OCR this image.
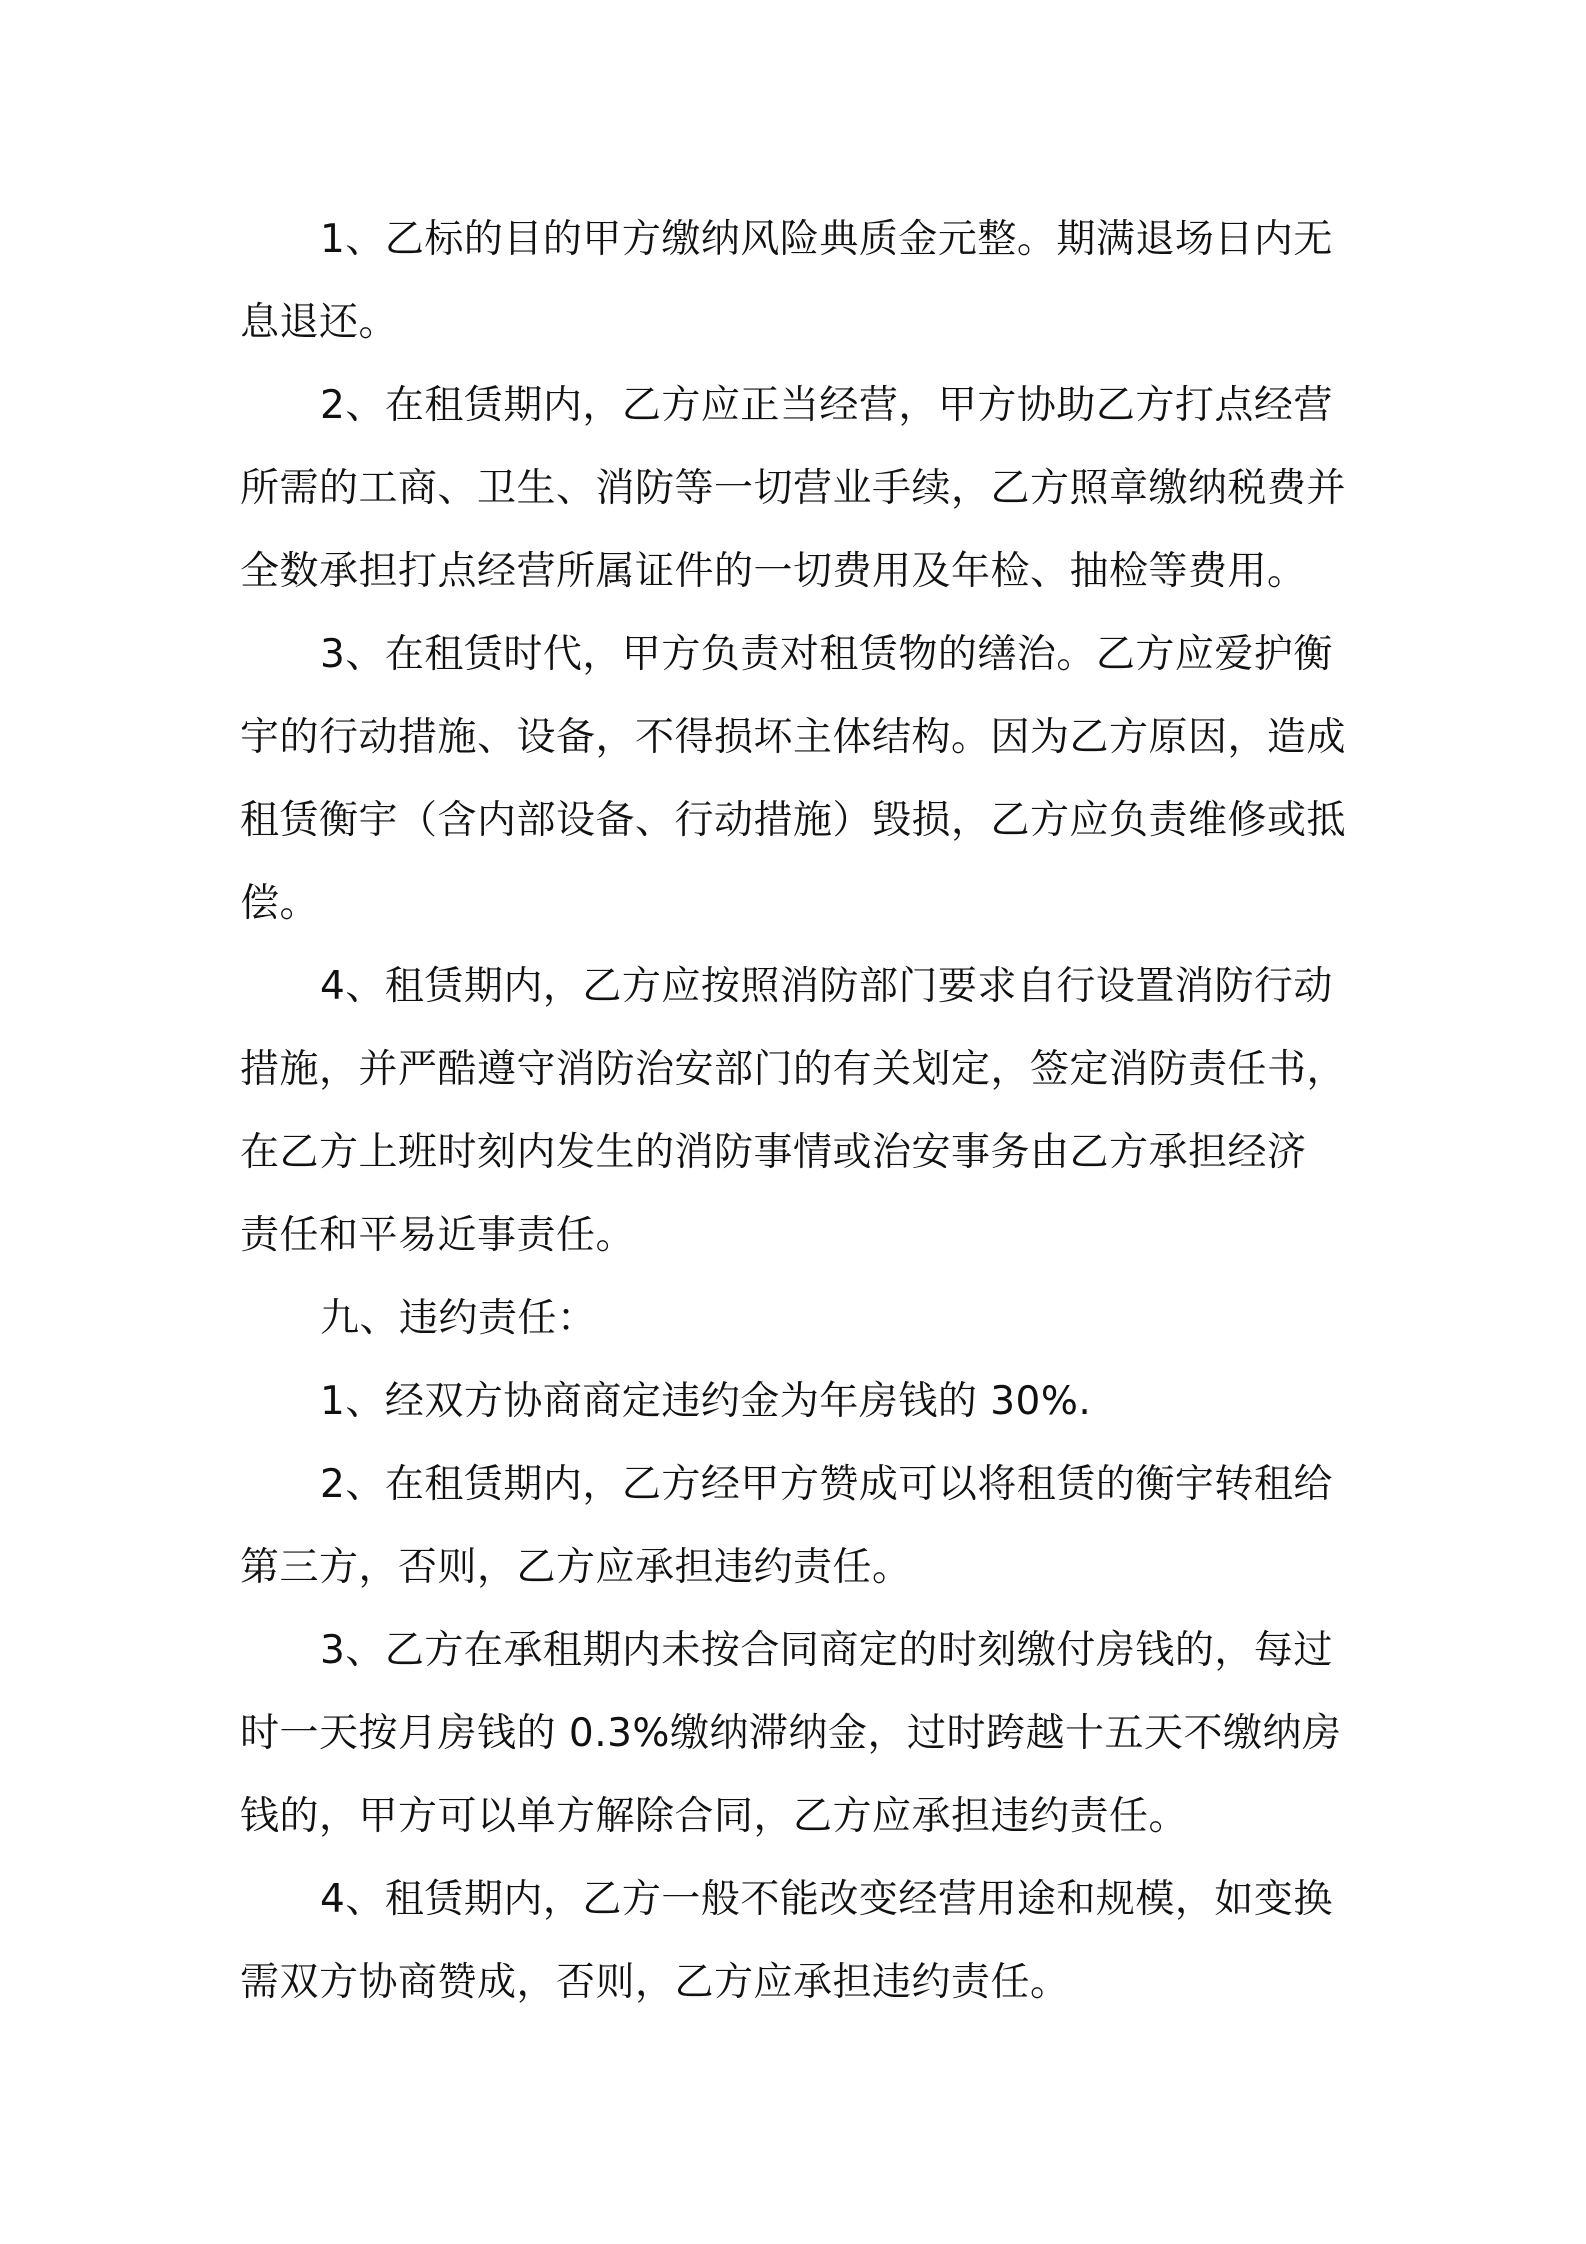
1、乙标的目的甲方缴纳风险典质金元整。期满退场日内无
息退还。
2、在租赁期内，乙方应正当经营，甲方协助乙方打点经营
所需的工商、卫生、消防等一切营业手续，乙方照章缴纳税费并
全数承担打点经营所属证件的一切费用及年检、抽检等费用。
3、在租赁时代，甲方负责对租赁物的缮治。乙方应爱护衡
宇的行动措施、设备，不得损坏主体结构。因为乙方原因，造成
租赁衡宇（含内部设备、行动措施）毁损，乙方应负责维修或抵
偿。
4、租赁期内，乙方应按照消防部门要求自行设置消防行动
措施，并严酷遵守消防治安部门的有关划定，签定消防责任书，
在乙方上班时刻内发生的消防事情或治安事务由乙方承担经济
责任和平易近事责任。
九、违约责任：
1、经双方协商商定违约金为年房钱的 30%.
2、在租赁期内，乙方经甲方赞成可以将租赁的衡宇转租给
第三方，否则，乙方应承担违约责任。
3、乙方在承租期内未按合同商定的时刻缴付房钱的，每过
时一天按月房钱的 0.3%缴纳滞纳金，过时跨越十五天不缴纳房
钱的，甲方可以单方解除合同，乙方应承担违约责任。
4、租赁期内，乙方一般不能改变经营用途和规模，如变换
需双方协商赞成，否则，乙方应承担违约责任。
